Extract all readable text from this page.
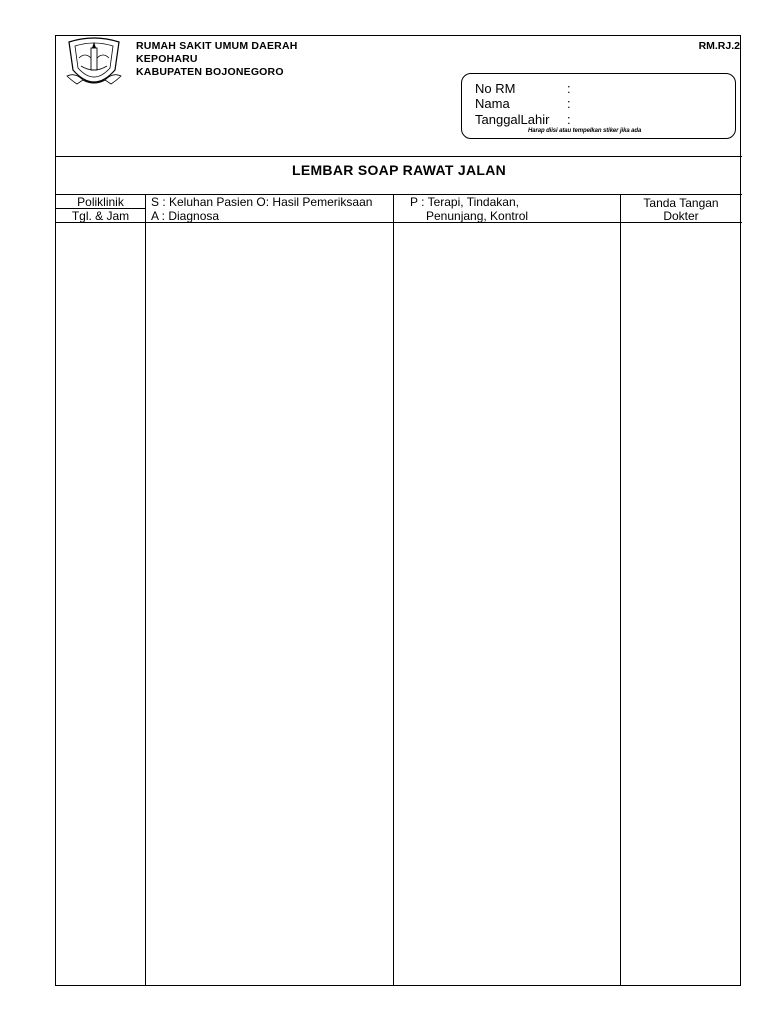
RUMAH SAKIT UMUM DAERAH
KEPOHARU
KABUPATEN BOJONEGORO
RM.RJ.2
No RM	:
Nama	:
TanggalLahir :
Harap diisi atau tempelkan stiker jika ada
LEMBAR SOAP RAWAT JALAN
Poliklinik
Tgl. & Jam
S : Keluhan Pasien O: Hasil Pemeriksaan
A : Diagnosa
P : Terapi, Tindakan,
Penunjang, Kontrol
Tanda Tangan
Dokter
